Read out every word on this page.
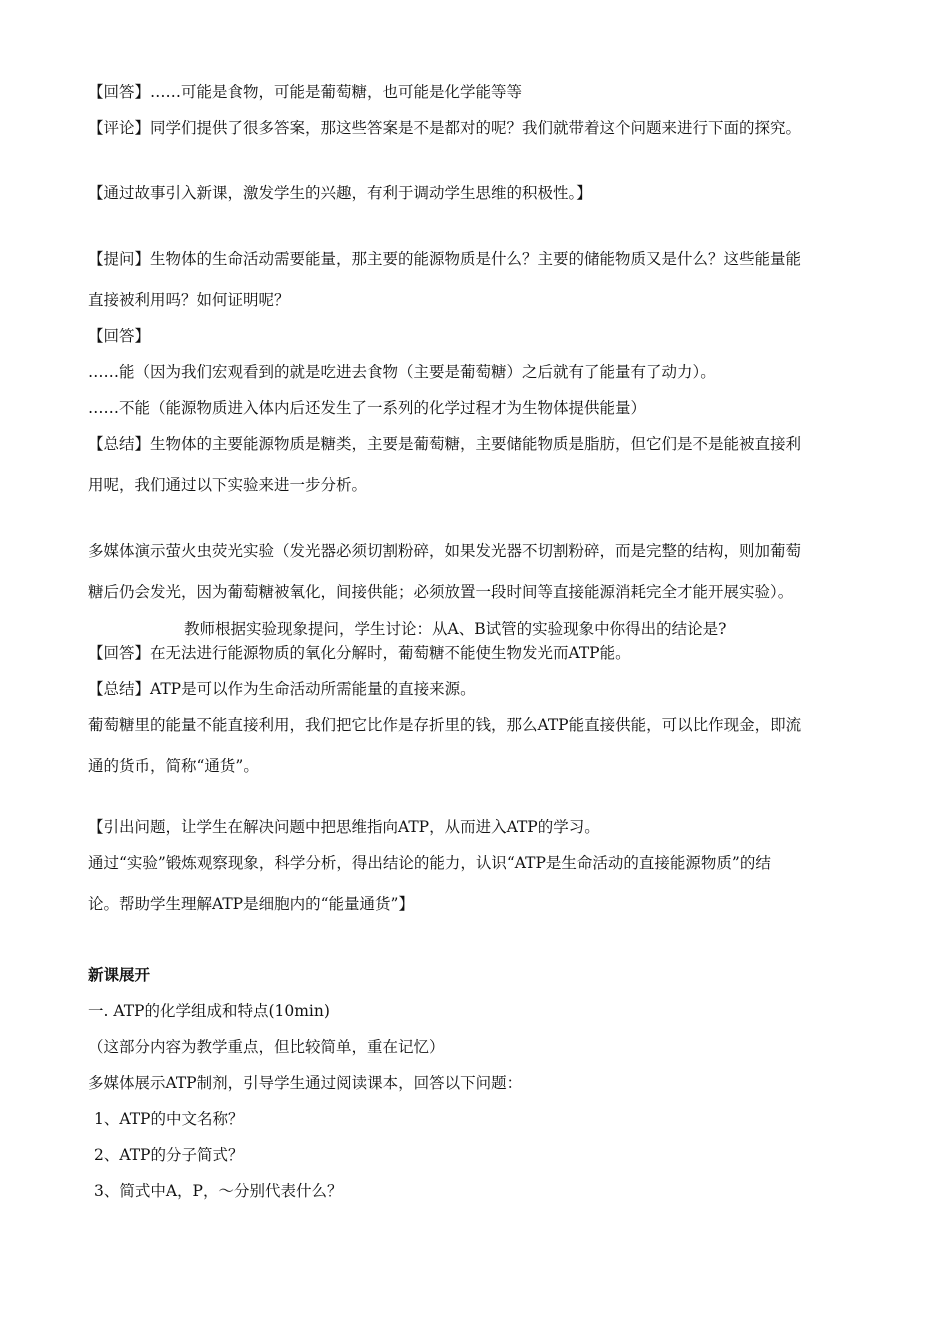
【回答】……可能是食物，可能是葡萄糖，也可能是化学能等等
【评论】同学们提供了很多答案，那这些答案是不是都对的呢？我们就带着这个问题来进行下面的探究。
【通过故事引入新课，激发学生的兴趣，有利于调动学生思维的积极性。】
【提问】生物体的生命活动需要能量，那主要的能源物质是什么？主要的储能物质又是什么？这些能量能
直接被利用吗？如何证明呢？
【回答】
……能（因为我们宏观看到的就是吃进去食物（主要是葡萄糖）之后就有了能量有了动力）。
……不能（能源物质进入体内后还发生了一系列的化学过程才为生物体提供能量）
【总结】生物体的主要能源物质是糖类，主要是葡萄糖，主要储能物质是脂肪，但它们是不是能被直接利
用呢，我们通过以下实验来进一步分析。
多媒体演示萤火虫荧光实验（发光器必须切割粉碎，如果发光器不切割粉碎，而是完整的结构，则加葡萄
糖后仍会发光，因为葡萄糖被氧化，间接供能；必须放置一段时间等直接能源消耗完全才能开展实验）。
教师根据实验现象提问，学生讨论：从A、B试管的实验现象中你得出的结论是?
【回答】在无法进行能源物质的氧化分解时，葡萄糖不能使生物发光而ATP能。
【总结】ATP是可以作为生命活动所需能量的直接来源。
葡萄糖里的能量不能直接利用，我们把它比作是存折里的钱，那么ATP能直接供能，可以比作现金，即流
通的货币，简称“通货”。
【引出问题，让学生在解决问题中把思维指向ATP，从而进入ATP的学习。
通过“实验”锻炼观察现象，科学分析，得出结论的能力，认识“ATP是生命活动的直接能源物质”的结
论。帮助学生理解ATP是细胞内的“能量通货”】
新课展开
一. ATP的化学组成和特点(10min)
（这部分内容为教学重点，但比较简单，重在记忆）
多媒体展示ATP制剂，引导学生通过阅读课本，回答以下问题：
1、ATP的中文名称？
2、ATP的分子简式？
3、简式中A，P，～分别代表什么？
